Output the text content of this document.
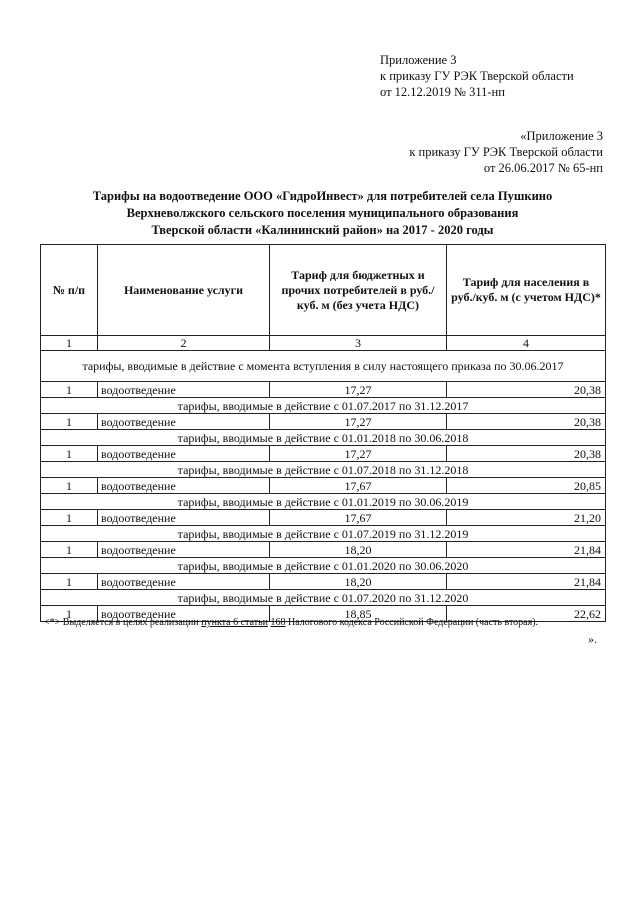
Приложение 3
к приказу ГУ РЭК Тверской области
от 12.12.2019 № 311-нп
«Приложение 3
к приказу ГУ РЭК Тверской области
от 26.06.2017 № 65-нп
Тарифы на водоотведение ООО «ГидроИнвест» для потребителей села Пушкино
Верхневолжского сельского поселения муниципального образования
Тверской области «Калининский район» на 2017 - 2020 годы
№ п/п	Наименование услуги	Тариф для бюджетных и прочих потребителей в руб./куб. м (без учета НДС)	Тариф для населения в руб./куб. м (с учетом НДС)*
1	2	3	4
тарифы, вводимые в действие с момента вступления в силу настоящего приказа по 30.06.2017			
1	водоотведение	17,27	20,38
тарифы, вводимые в действие с 01.07.2017 по 31.12.2017			
1	водоотведение	17,27	20,38
тарифы, вводимые в действие с 01.01.2018 по 30.06.2018			
1	водоотведение	17,27	20,38
тарифы, вводимые в действие с 01.07.2018 по 31.12.2018			
1	водоотведение	17,67	20,85
тарифы, вводимые в действие с 01.01.2019 по 30.06.2019			
1	водоотведение	17,67	21,20
тарифы, вводимые в действие с 01.07.2019 по 31.12.2019			
1	водоотведение	18,20	21,84
тарифы, вводимые в действие с 01.01.2020 по 30.06.2020			
1	водоотведение	18,20	21,84
тарифы, вводимые в действие с 01.07.2020 по 31.12.2020			
1	водоотведение	18,85	22,62
<*> Выделяется в целях реализации пункта 6 статьи 168 Налогового кодекса Российской Федерации (часть вторая).
».
